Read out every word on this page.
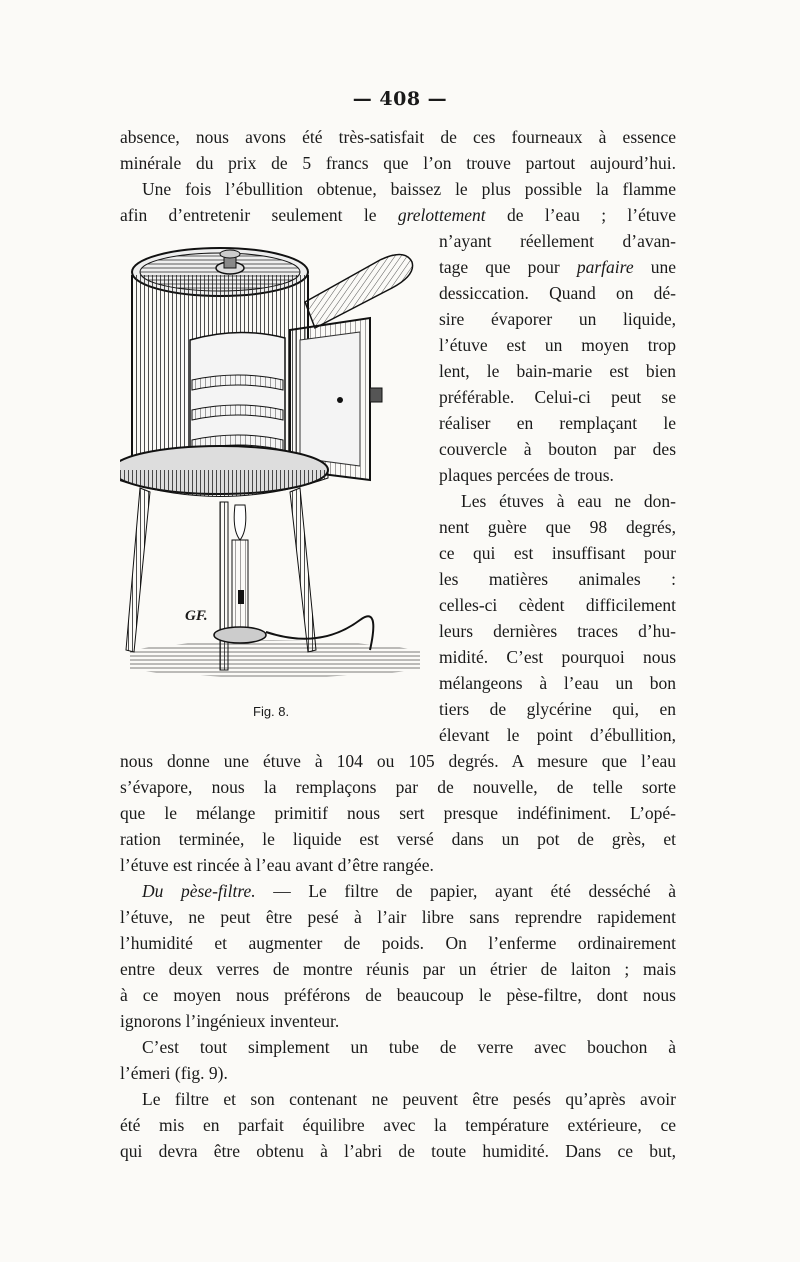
— 408 —
absence, nous avons été très-satisfait de ces fourneaux à essence
minérale du prix de 5 francs que l’on trouve partout aujourd’hui.
Une fois l’ébullition obtenue, baissez le plus possible la flamme
afin d’entretenir seulement le grelottement de l’eau ; l’étuve
n’ayant réellement d’avan-
tage que pour parfaire une
dessiccation. Quand on dé-
sire évaporer un liquide,
l’étuve est un moyen trop
lent, le bain-marie est bien
préférable. Celui-ci peut se
réaliser en remplaçant le
couvercle à bouton par des
plaques percées de trous.
Les étuves à eau ne don-
nent guère que 98 degrés,
ce qui est insuffisant pour
les matières animales :
celles-ci cèdent difficilement
leurs dernières traces d’hu-
midité. C’est pourquoi nous
mélangeons à l’eau un bon
tiers de glycérine qui, en
élevant le point d’ébullition,
nous donne une étuve à 104 ou 105 degrés. A mesure que l’eau
s’évapore, nous la remplaçons par de nouvelle, de telle sorte
que le mélange primitif nous sert presque indéfiniment. L’opé-
ration terminée, le liquide est versé dans un pot de grès, et
l’étuve est rincée à l’eau avant d’être rangée.
Du pèse-filtre. — Le filtre de papier, ayant été desséché à
l’étuve, ne peut être pesé à l’air libre sans reprendre rapidement
l’humidité et augmenter de poids. On l’enferme ordinairement
entre deux verres de montre réunis par un étrier de laiton ; mais
à ce moyen nous préférons de beaucoup le pèse-filtre, dont nous
ignorons l’ingénieux inventeur.
C’est tout simplement un tube de verre avec bouchon à
l’émeri (fig. 9).
Le filtre et son contenant ne peuvent être pesés qu’après avoir
été mis en parfait équilibre avec la température extérieure, ce
qui devra être obtenu à l’abri de toute humidité. Dans ce but,
GF.
Fig. 8.
